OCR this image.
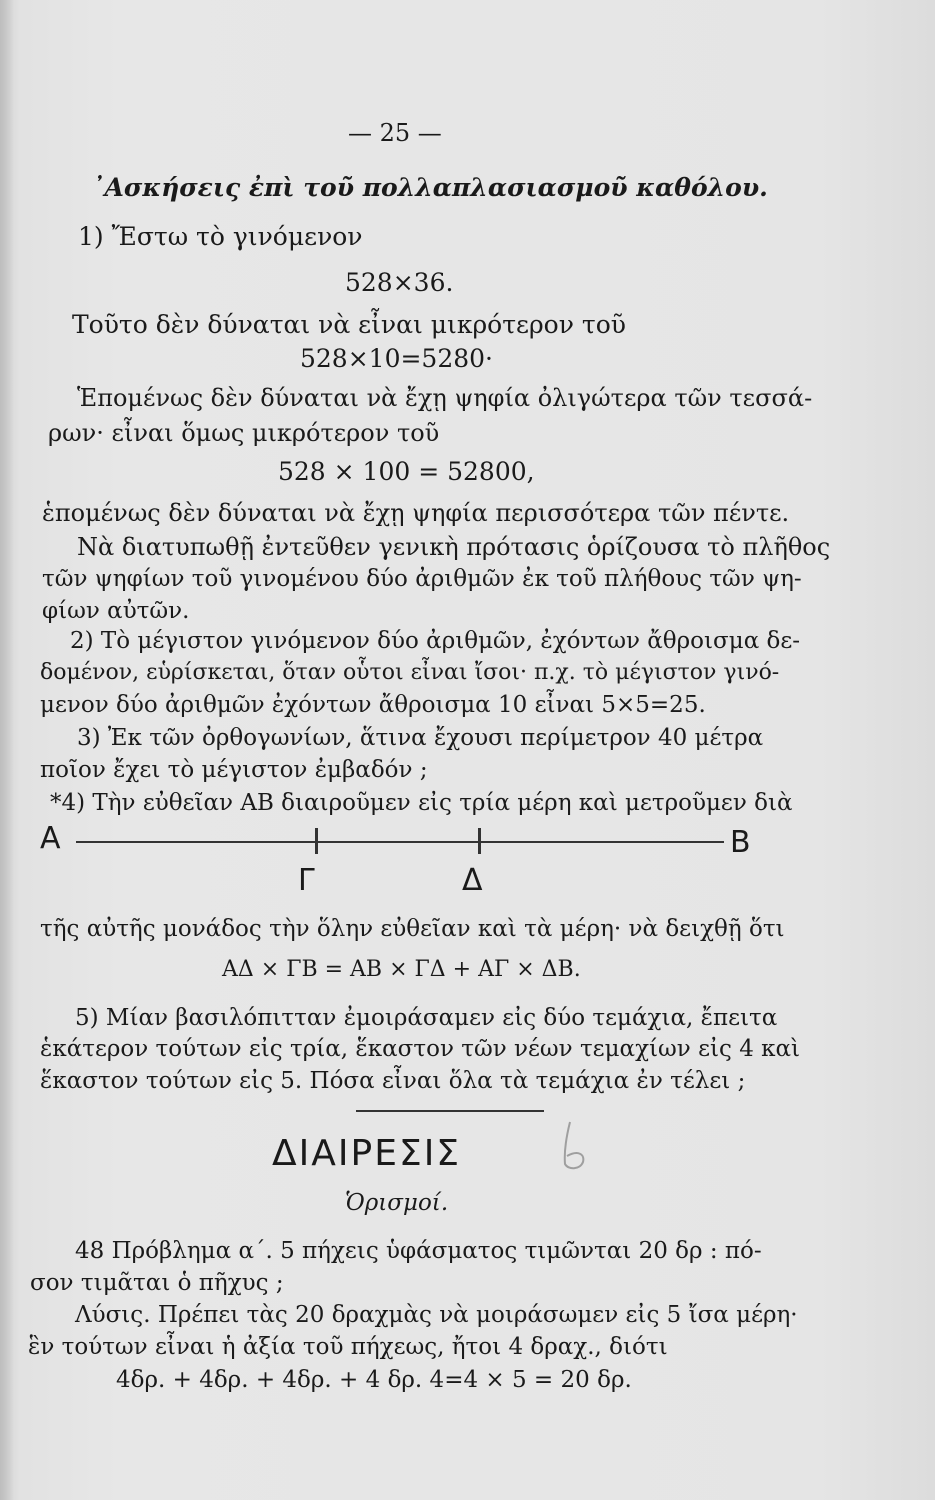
— 25 —
᾿Ασκήσεις ἐπὶ τοῦ πολλαπλασιασμοῦ καθόλου.
1) Ἔστω τὸ γινόμενον
528×36.
Τοῦτο δὲν δύναται νὰ εἶναι μικρότερον τοῦ
528×10=5280·
Ἑπομένως δὲν δύναται νὰ ἔχῃ ψηφία ὀλιγώτερα τῶν τεσσά-
ρων· εἶναι ὅμως μικρότερον τοῦ
528 × 100 = 52800,
ἑπομένως δὲν δύναται νὰ ἔχῃ ψηφία περισσότερα τῶν πέντε.
Νὰ διατυπωθῇ ἐντεῦθεν γενικὴ πρότασις ὁρίζουσα τὸ πλῆθος
τῶν ψηφίων τοῦ γινομένου δύο ἀριθμῶν ἐκ τοῦ πλήθους τῶν ψη-
φίων αὐτῶν.
2) Τὸ μέγιστον γινόμενον δύο ἀριθμῶν, ἐχόντων ἄθροισμα δε-
δομένον, εὑρίσκεται, ὅταν οὗτοι εἶναι ἴσοι· π.χ. τὸ μέγιστον γινό-
μενον δύο ἀριθμῶν ἐχόντων ἄθροισμα 10 εἶναι 5×5=25.
3) Ἐκ τῶν ὀρθογωνίων, ἅτινα ἔχουσι περίμετρον 40 μέτρα
ποῖον ἔχει τὸ μέγιστον ἐμβαδόν ;
*4) Τὴν εὐθεῖαν ΑΒ διαιροῦμεν εἰς τρία μέρη καὶ μετροῦμεν διὰ
A	B
Γ	Δ
τῆς αὐτῆς μονάδος τὴν ὅλην εὐθεῖαν καὶ τὰ μέρη· νὰ δειχθῇ ὅτι
ΑΔ × ΓΒ = ΑΒ × ΓΔ + ΑΓ × ΔΒ.
5) Μίαν βασιλόπιτταν ἐμοιράσαμεν εἰς δύο τεμάχια, ἔπειτα
ἑκάτερον τούτων εἰς τρία, ἕκαστον τῶν νέων τεμαχίων εἰς 4 καὶ
ἕκαστον τούτων εἰς 5. Πόσα εἶναι ὅλα τὰ τεμάχια ἐν τέλει ;
ΔΙΑΙΡΕΣΙΣ
Ὁρισμοί.
48 Πρόβλημα α΄. 5 πήχεις ὑφάσματος τιμῶνται 20 δρ : πό-
σον τιμᾶται ὁ πῆχυς ;
Λύσις. Πρέπει τὰς 20 δραχμὰς νὰ μοιράσωμεν εἰς 5 ἴσα μέρη·
ἓν τούτων εἶναι ἡ ἀξία τοῦ πήχεως, ἤτοι 4 δραχ., διότι
4δρ. + 4δρ. + 4δρ. + 4 δρ. 4=4 × 5 = 20 δρ.
